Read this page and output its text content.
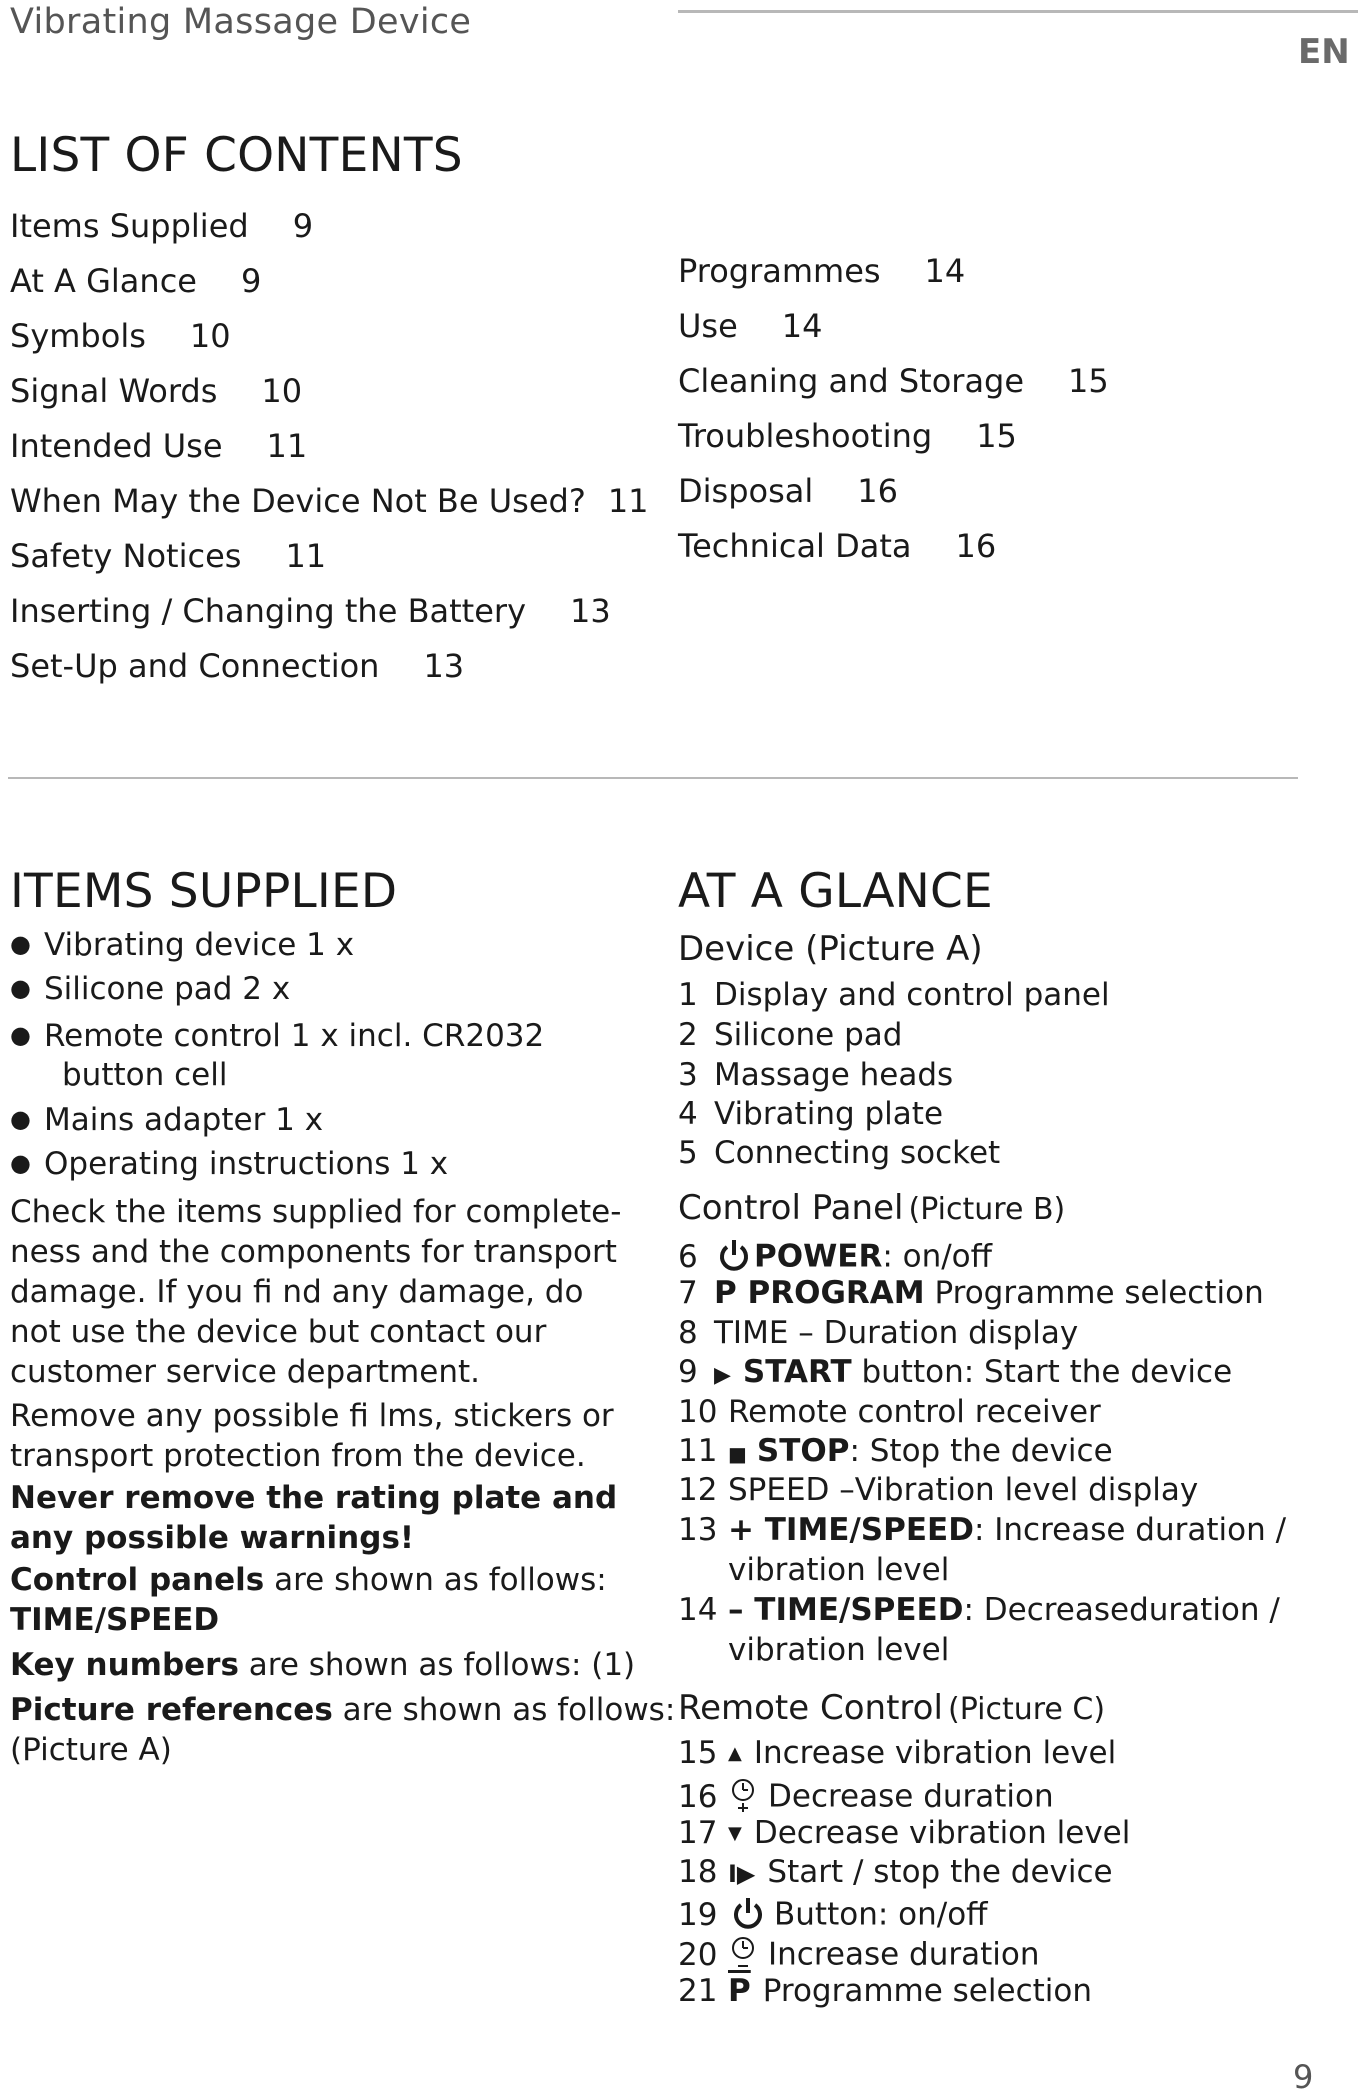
Vibrating Massage Device
EN
LIST OF CONTENTS
Items Supplied 9
At A Glance 9
Symbols 10
Signal Words 10
Intended Use 11
When May the Device Not Be Used? 11
Safety Notices 11
Inserting / Changing the Battery 13
Set-Up and Connection 13
Programmes 14
Use 14
Cleaning and Storage 15
Troubleshooting 15
Disposal 16
Technical Data 16
ITEMS SUPPLIED
● Vibrating device 1 x
● Silicone pad 2 x
● Remote control 1 x incl. CR2032
button cell
● Mains adapter 1 x
● Operating instructions 1 x
Check the items supplied for complete-ness and the components for transport damage. If you fi nd any damage, do not use the device but contact our customer service department.
Remove any possible fi lms, stickers or transport protection from the device.
Never remove the rating plate and any possible warnings!
Control panels are shown as follows:
TIME/SPEED
Key numbers are shown as follows: (1)
Picture references are shown as follows:
(Picture A)
AT A GLANCE
Device (Picture A)
1 Display and control panel
2 Silicone pad
3 Massage heads
4 Vibrating plate
5 Connecting socket
Control Panel (Picture B)
6 POWER: on/off
7 P PROGRAM Programme selection
8 TIME – Duration display
9 ▶ START button: Start the device
10 Remote control receiver
11 ■ STOP: Stop the device
12 SPEED –Vibration level display
13 + TIME/SPEED: Increase duration /
vibration level
14 – TIME/SPEED: Decreaseduration /
vibration level
Remote Control (Picture C)
15 ▲ Increase vibration level
16 Decrease duration
17 ▼ Decrease vibration level
18 I▶ Start / stop the device
19 Button: on/off
20 Increase duration
21 $\overline{P}$ Programme selection
9
